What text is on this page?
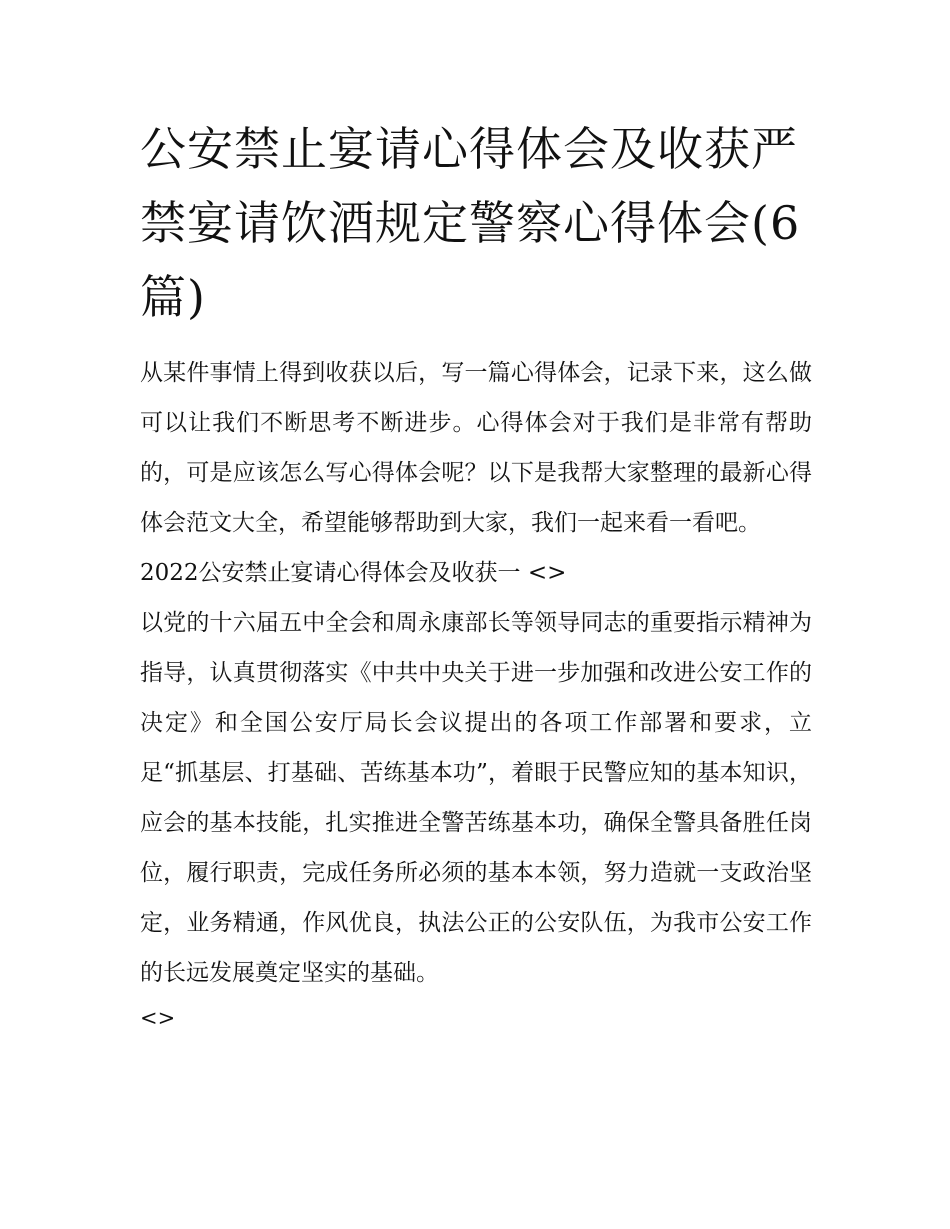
公安禁止宴请心得体会及收获严禁宴请饮酒规定警察心得体会(6篇)

从某件事情上得到收获以后，写一篇心得体会，记录下来，这么做可以让我们不断思考不断进步。心得体会对于我们是非常有帮助的，可是应该怎么写心得体会呢？以下是我帮大家整理的最新心得体会范文大全，希望能够帮助到大家，我们一起来看一看吧。

2022公安禁止宴请心得体会及收获一 <>

以党的十六届五中全会和周永康部长等领导同志的重要指示精神为指导，认真贯彻落实《中共中央关于进一步加强和改进公安工作的决定》和全国公安厅局长会议提出的各项工作部署和要求，立足“抓基层、打基础、苦练基本功”，着眼于民警应知的基本知识，应会的基本技能，扎实推进全警苦练基本功，确保全警具备胜任岗位，履行职责，完成任务所必须的基本本领，努力造就一支政治坚定，业务精通，作风优良，执法公正的公安队伍，为我市公安工作的长远发展奠定坚实的基础。

<>
